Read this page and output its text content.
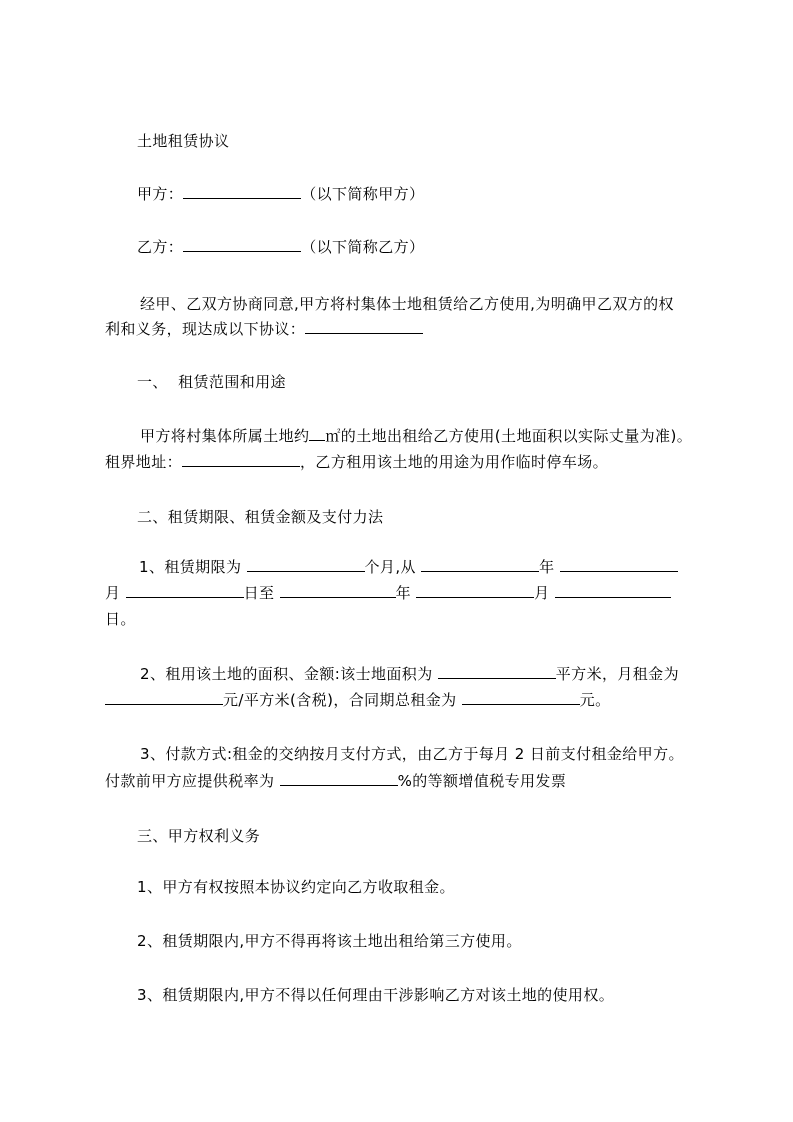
土地租赁协议
甲方：	（以下简称甲方）
乙方：	（以下简称乙方）
经甲、乙双方协商同意,甲方将村集体士地租赁给乙方使用,为明确甲乙双方的权
利和义务，现达成以下协议：
一、  租赁范围和用途
甲方将村集体所属土地约 ㎡的土地出租给乙方使用(土地面积以实际丈量为准)。
租界地址：	，乙方租用该土地的用途为用作临时停车场。
二、租赁期限、租赁金额及支付力法
1、租赁期限为	个月,从	年
月	日至	年	月
日。
2、租用该土地的面积、金额:该士地面积为	平方米，月租金为
元/平方米(含税)，合同期总租金为	元。
3、付款方式:租金的交纳按月支付方式，由乙方于每月 2 日前支付租金给甲方。
付款前甲方应提供税率为	%的等额增值税专用发票
三、甲方权利义务
1、甲方有权按照本协议约定向乙方收取租金。
2、租赁期限内,甲方不得再将该土地出租给第三方使用。
3、租赁期限内,甲方不得以任何理由干涉影响乙方对该土地的使用权。
